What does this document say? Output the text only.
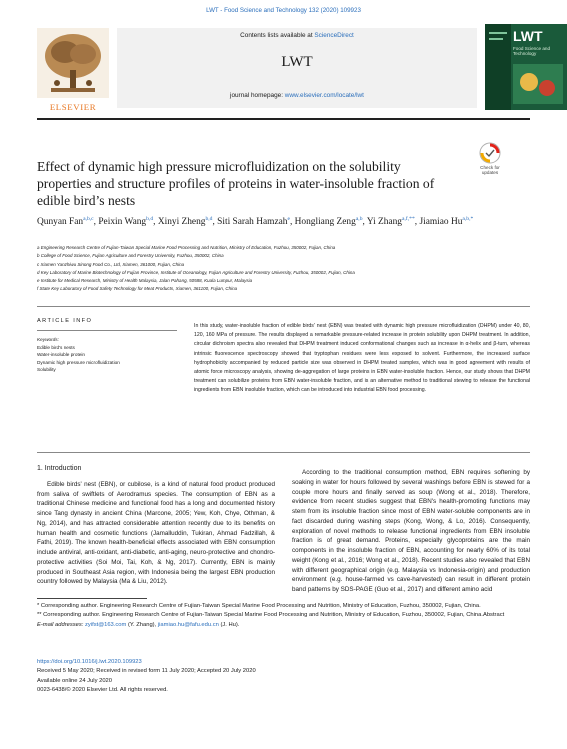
LWT - Food Science and Technology 132 (2020) 109923
ELSEVIER
Contents lists available at ScienceDirect
LWT
journal homepage: www.elsevier.com/locate/lwt
LWT
Food Science and Technology
Effect of dynamic high pressure microfluidization on the solubility properties and structure profiles of proteins in water-insoluble fraction of edible bird’s nests
Check for updates
Qunyan Fan$^{a,b,c}$, Peixin Wang$^{b,d}$, Xinyi Zheng$^{b,d}$, Siti Sarah Hamzah$^e$, Hongliang Zeng$^{a,b}$, Yi Zhang$^{a,f,**}$, Jiamiao $Hu^{a,b,*}$
a Engineering Research Centre of Fujian-Taiwan Special Marine Food Processing and Nutrition, Ministry of Education, Fuzhou, 350002, Fujian, China
b College of Food Science, Fujian Agriculture and Forestry University, Fuzhou, 350002, China
c Xiamen Yanzhiwu Sinong Food Co., Ltd, Xiamen, 361000, Fujian, China
d Key Laboratory of Marine Biotechnology of Fujian Province, Institute of Oceanology, Fujian Agriculture and Forestry University, Fuzhou, 350002, Fujian, China
e Institute for Medical Research, Ministry of Health Malaysia, Jalan Pahang, 50588, Kuala Lumpur, Malaysia
f State Key Laboratory of Food Safety Technology for Meat Products, Xiamen, 361100, Fujian, China
ARTICLE INFO
Keywords:
Edible bird's nests
Water-insoluble protein
Dynamic high pressure microfluidization
Solubility
In this study, water-insoluble fraction of edible birds' nest (EBN) was treated with dynamic high pressure microfluidization (DHPM) under 40, 80, 120, 160 MPa of pressure. The results displayed a remarkable pressure-related increase in protein solubility upon DHPM treatment. In addition, circular dichroism spectra also revealed that DHPM treatment induced conformational changes such as increase in α-helix and β-turn, whereas intrinsic fluorescence spectroscopy showed that tryptophan residues were less exposed to solvent. Furthermore, the increased surface hydrophobicity accompanied by reduced particle size was observed in DHPM treated samples, which was in good agreement with results of atomic force microscopy analysis, showing de-aggregation of large proteins in EBN water-insoluble fraction. Hence, our study shows that DHPM treatment can solubilize proteins from EBN water-insoluble fraction, and is an alternative method to traditional stewing to release the functional ingredients from EBN insoluble fraction, which can be introduced into industrial EBN food processing.
1. Introduction

Edible birds' nest (EBN), or cubilose, is a kind of natural food product produced from saliva of swiftlets of Aerodramus species. The consumption of EBN as a traditional Chinese medicine and functional food has a long and documented history since Tang dynasty in ancient China (Marcone, 2005; Yew, Koh, Chye, Othman, & Ng, 2014), and has attracted considerable attention recently due to its benefits on human health and cosmetic functions (Jamalluddin, Tukiran, Ahmad Fadzillah, & Fathi, 2019). The known health-beneficial effects associated with EBN consumption include antiviral, anti-oxidant, anti-diabetic, anti-aging, neuro-protective and chondro-protective activities (Soi Moi, Tai, Koh, & Ng, 2017). Currently, EBN is mainly produced in Southeast Asia region, with Indonesia being the largest EBN production country followed by Malaysia (Ma & Liu, 2012).

According to the traditional consumption method, EBN requires softening by soaking in water for hours followed by several washings before EBN is stewed for a couple more hours and finally served as soup (Wong et al., 2018). Therefore, evidence from recent studies suggest that EBN's health-promoting functions may stem from its insoluble fraction since most of EBN water-soluble components are in fact discarded during washing steps (Kong, Wong, & Lo, 2016). Consequently, exploration of novel methods to release functional ingredients from EBN insoluble fraction is of great demand. Proteins, especially glycoproteins are the main components in the insoluble fraction of EBN, accounting for nearly 60% of its total weight (Kong et al., 2016; Wong et al., 2018). Recent studies also revealed that EBN with different geographical origin (e.g. Malaysia vs Indonesia-origin) and production environment (e.g. house-farmed vs cave-harvested) can result in different protein band patterns by SDS-PAGE (Guo et al., 2017) and different amino acid

* Corresponding author. Engineering Research Centre of Fujian-Taiwan Special Marine Food Processing and Nutrition, Ministry of Education, Fuzhou, 350002, Fujian, China.
** Corresponding author. Engineering Research Centre of Fujian-Taiwan Special Marine Food Processing and Nutrition, Ministry of Education, Fuzhou, 350002, Fujian, China.Abstract
E-mail addresses: zyifst@163.com (Y. Zhang), jiamiao.hu@fafu.edu.cn (J. Hu).
https://doi.org/10.1016/j.lwt.2020.109923
Received 5 May 2020; Received in revised form 11 July 2020; Accepted 20 July 2020
Available online 24 July 2020
0023-6438/© 2020 Elsevier Ltd. All rights reserved.
